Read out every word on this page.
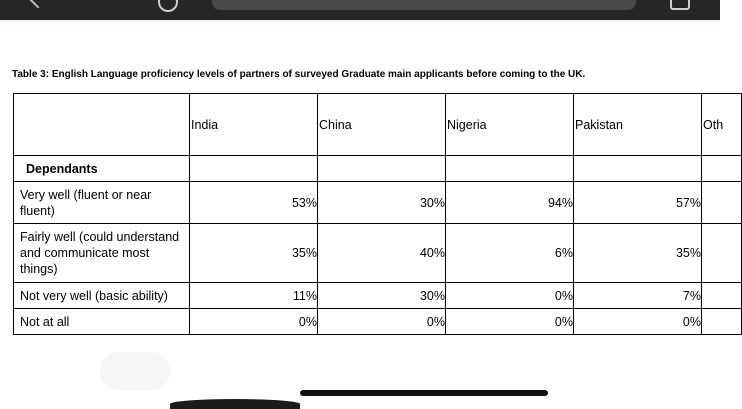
Table 3: English Language proficiency levels of partners of surveyed Graduate main applicants before coming to the UK.
	India	China	Nigeria	Pakistan	Oth
Dependants					
Very well (fluent or near fluent)	53%	30%	94%	57%	
Fairly well (could understand and communicate most things)	35%	40%	6%	35%	
Not very well (basic ability)	11%	30%	0%	7%	
Not at all	0%	0%	0%	0%	
